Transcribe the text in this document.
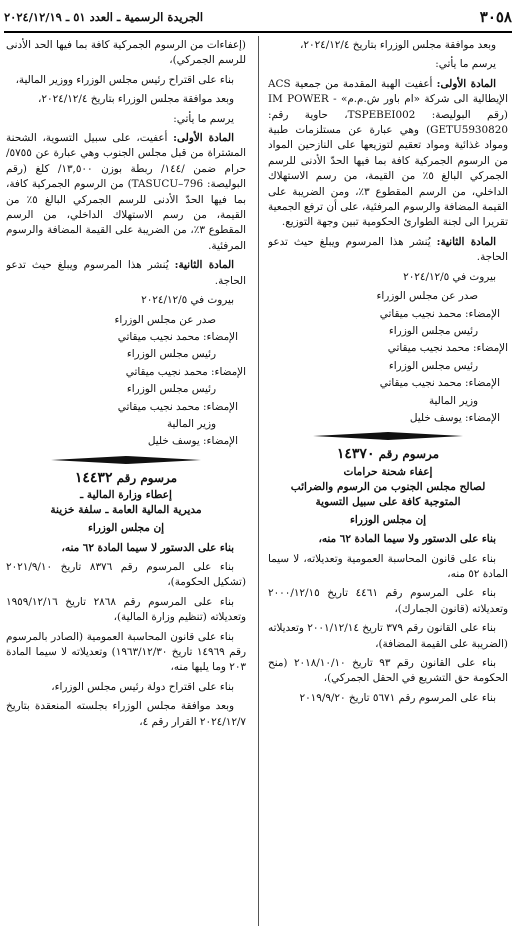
٣٠٥٨
الجريدة الرسمية ـ العدد ٥١ ـ ٢٠٢٤/١٢/١٩

وبعد موافقة مجلس الوزراء بتاريخ ٢٠٢٤/١٢/٤،

يرسم ما يأتي:

المادة الأولى: أعفيت الهبة المقدمة من جمعية ACS الإيطالية الى شركة «ام باور ش.م.م» - IM POWER (رقم البوليصة: TSPEBEI002، حاوية رقم: GETU5930820) وهي عبارة عن مستلزمات طبية ومواد غذائية ومواد تعقيم لتوزيعها على النازحين المواد من الرسوم الجمركية كافة بما فيها الحدّ الأدنى للرسم الجمركي البالغ ٥٪ من القيمة، من رسم الاستهلاك الداخلي، من الرسم المقطوع ٣٪، ومن الضريبة على القيمة المضافة والرسوم المرفئية، على أن ترفع الجمعية تقريرا الى لجنة الطوارئ الحكومية تبين وجهة التوزيع.

المادة الثانية: يُنشر هذا المرسوم ويبلغ حيث تدعو الحاجة.

بيروت في ٢٠٢٤/١٢/٥

صدر عن مجلس الوزراء

الإمضاء: محمد نجيب ميقاتي

رئيس مجلس الوزراء

الإمضاء: محمد نجيب ميقاتي

رئيس مجلس الوزراء

الإمضاء: محمد نجيب ميقاتي

وزير المالية

الإمضاء: يوسف خليل

مرسوم رقم ١٤٣٧٠
إعفاء شحنة حرامات
لصالح مجلس الجنوب من الرسوم والضرائب
المتوجبة كافة على سبيل التسوية

إن مجلس الوزراء

بناء على الدستور ولا سيما المادة ٦٢ منه،

بناء على قانون المحاسبة العمومية وتعديلاته، لا سيما المادة ٥٢ منه،

بناء على المرسوم رقم ٤٤٦١ تاريخ ٢٠٠٠/١٢/١٥ وتعديلاته (قانون الجمارك)،

بناء على القانون رقم ٣٧٩ تاريخ ٢٠٠١/١٢/١٤ وتعديلاته (الضريبة على القيمة المضافة)،

بناء على القانون رقم ٩٣ تاريخ ٢٠١٨/١٠/١٠ (منح الحكومة حق التشريع في الحقل الجمركي)،

بناء على المرسوم رقم ٥٦٧١ تاريخ ٢٠١٩/٩/٢٠

(إعفاءات من الرسوم الجمركية كافة بما فيها الحد الأدنى للرسم الجمركي)،

بناء على اقتراح رئيس مجلس الوزراء ووزير المالية،

وبعد موافقة مجلس الوزراء بتاريخ ٢٠٢٤/١٢/٤،

يرسم ما يأتي:

المادة الأولى: أعفيت، على سبيل التسوية، الشحنة المشتراة من قبل مجلس الجنوب وهي عبارة عن ٥٧٥٥/حرام ضمن /١٤٤/ ربطة بوزن ١٣,٥٠٠/ كلغ (رقم البوليصة: TASUCU–796) من الرسوم الجمركية كافة، بما فيها الحدّ الأدنى للرسم الجمركي البالغ ٥٪ من القيمة، من رسم الاستهلاك الداخلي، من الرسم المقطوع ٣٪، من الضريبة على القيمة المضافة والرسوم المرفئية.

المادة الثانية: يُنشر هذا المرسوم ويبلغ حيث تدعو الحاجة.

بيروت في ٢٠٢٤/١٢/٥

صدر عن مجلس الوزراء

الإمضاء: محمد نجيب ميقاتي

رئيس مجلس الوزراء

الإمضاء: محمد نجيب ميقاتي

رئيس مجلس الوزراء

الإمضاء: محمد نجيب ميقاتي

وزير المالية

الإمضاء: يوسف خليل

مرسوم رقم ١٤٤٣٢
إعطاء وزارة المالية ـ
مديرية المالية العامة ـ سلفة خزينة

إن مجلس الوزراء

بناء على الدستور لا سيما المادة ٦٢ منه،

بناء على المرسوم رقم ٨٣٧٦ تاريخ ٢٠٢١/٩/١٠ (تشكيل الحكومة)،

بناء على المرسوم رقم ٢٨٦٨ تاريخ ١٩٥٩/١٢/١٦ وتعديلاته (تنظيم وزارة المالية)،

بناء على قانون المحاسبة العمومية (الصادر بالمرسوم رقم ١٤٩٦٩ تاريخ ١٩٦٣/١٢/٣٠) وتعديلاته لا سيما المادة ٢٠٣ وما يليها منه،

بناء على اقتراح دولة رئيس مجلس الوزراء،

وبعد موافقة مجلس الوزراء بجلسته المنعقدة بتاريخ ٢٠٢٤/١٢/٧ القرار رقم ٤،
